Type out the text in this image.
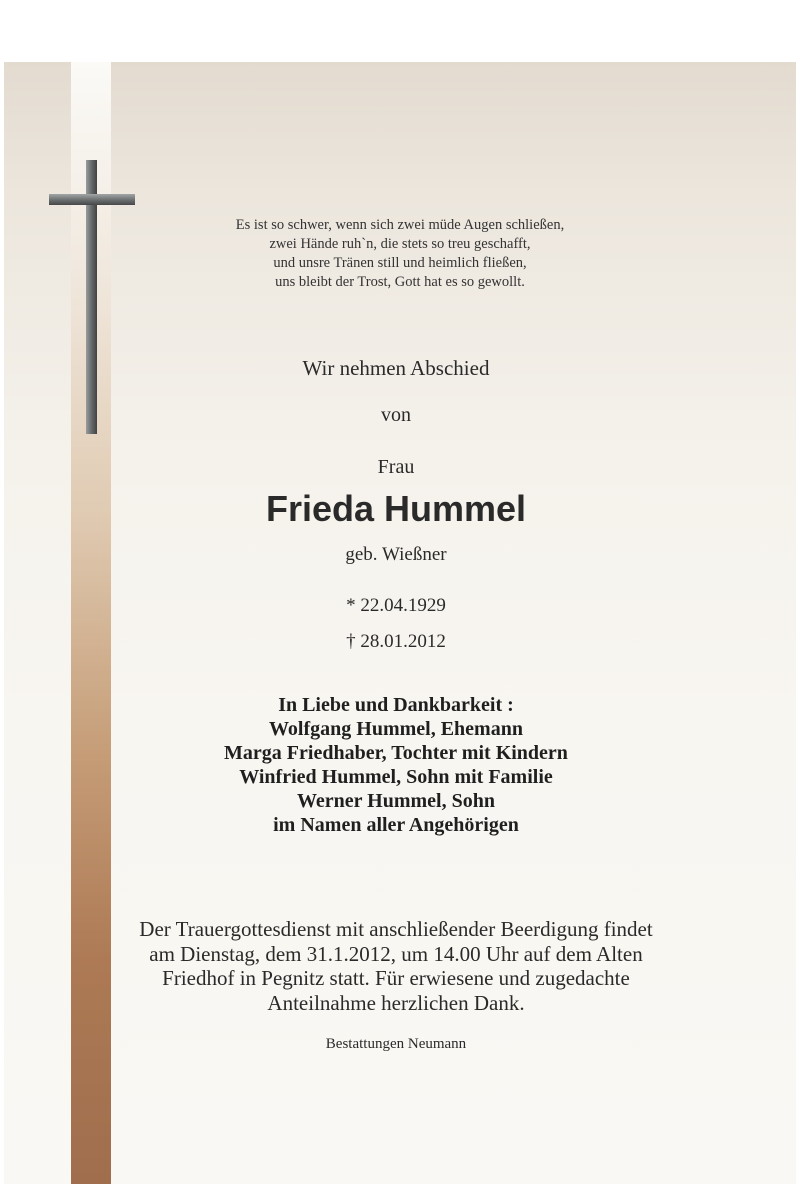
Es ist so schwer, wenn sich zwei müde Augen schließen,
zwei Hände ruh`n, die stets so treu geschafft,
und unsre Tränen still und heimlich fließen,
uns bleibt der Trost, Gott hat es so gewollt.
Wir nehmen Abschied
von
Frau
Frieda Hummel
geb. Wießner
* 22.04.1929
† 28.01.2012
In Liebe und Dankbarkeit :
Wolfgang Hummel, Ehemann
Marga Friedhaber, Tochter mit Kindern
Winfried Hummel, Sohn mit Familie
Werner Hummel, Sohn
im Namen aller Angehörigen
Der Trauergottesdienst mit anschließender Beerdigung findet
am Dienstag, dem 31.1.2012, um 14.00 Uhr auf dem Alten
Friedhof in Pegnitz statt. Für erwiesene und zugedachte
Anteilnahme herzlichen Dank.
Bestattungen Neumann
